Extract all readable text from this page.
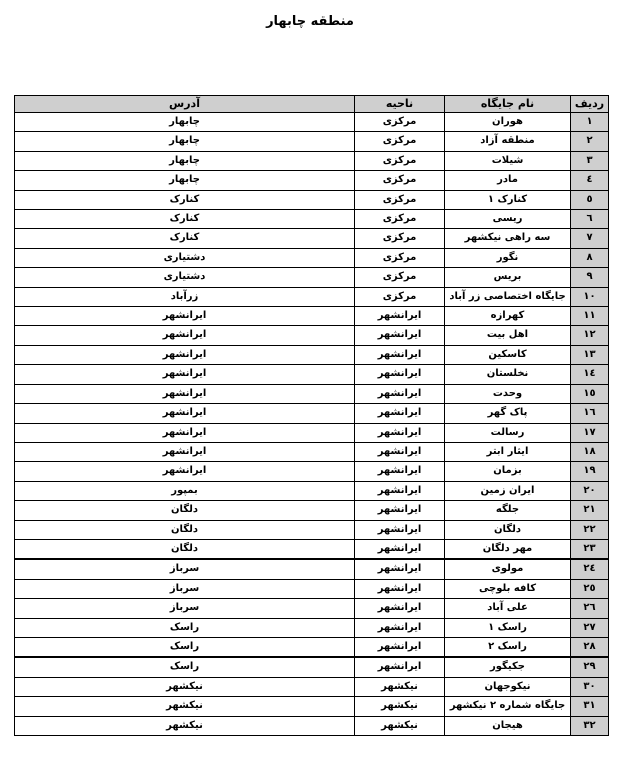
منطقه چابهار
ردیف	نام جایگاه	ناحیه	آدرس
١	هوران	مرکزی	چابهار
٢	منطقه آزاد	مرکزی	چابهار
٣	شیلات	مرکزی	چابهار
٤	مادر	مرکزی	چابهار
٥	کنارک ١	مرکزی	کنارک
٦	ریسی	مرکزی	کنارک
٧	سه راهی نیکشهر	مرکزی	کنارک
٨	نگور	مرکزی	دشتیاری
٩	بریس	مرکزی	دشتیاری
١٠	جایگاه اختصاصی زر آباد	مرکزی	زرآباد
١١	کهرازه	ایرانشهر	ایرانشهر
١٢	اهل بیت	ایرانشهر	ایرانشهر
١٣	کاسکین	ایرانشهر	ایرانشهر
١٤	نخلستان	ایرانشهر	ایرانشهر
١٥	وحدت	ایرانشهر	ایرانشهر
١٦	پاک گهر	ایرانشهر	ایرانشهر
١٧	رسالت	ایرانشهر	ایرانشهر
١٨	ایثار ابتر	ایرانشهر	ایرانشهر
١٩	بزمان	ایرانشهر	ایرانشهر
٢٠	ایران زمین	ایرانشهر	بمپور
٢١	جلگه	ایرانشهر	دلگان
٢٢	دلگان	ایرانشهر	دلگان
٢٣	مهر دلگان	ایرانشهر	دلگان
٢٤	مولوی	ایرانشهر	سرباز
٢٥	کافه بلوچی	ایرانشهر	سرباز
٢٦	علی آباد	ایرانشهر	سرباز
٢٧	راسک ١	ایرانشهر	راسک
٢٨	راسک ٢	ایرانشهر	راسک
٢٩	جکیگور	ایرانشهر	راسک
٣٠	نیکوجهان	نیکشهر	نیکشهر
٣١	جایگاه شماره ٢ نیکشهر	نیکشهر	نیکشهر
٣٢	هیجان	نیکشهر	نیکشهر
